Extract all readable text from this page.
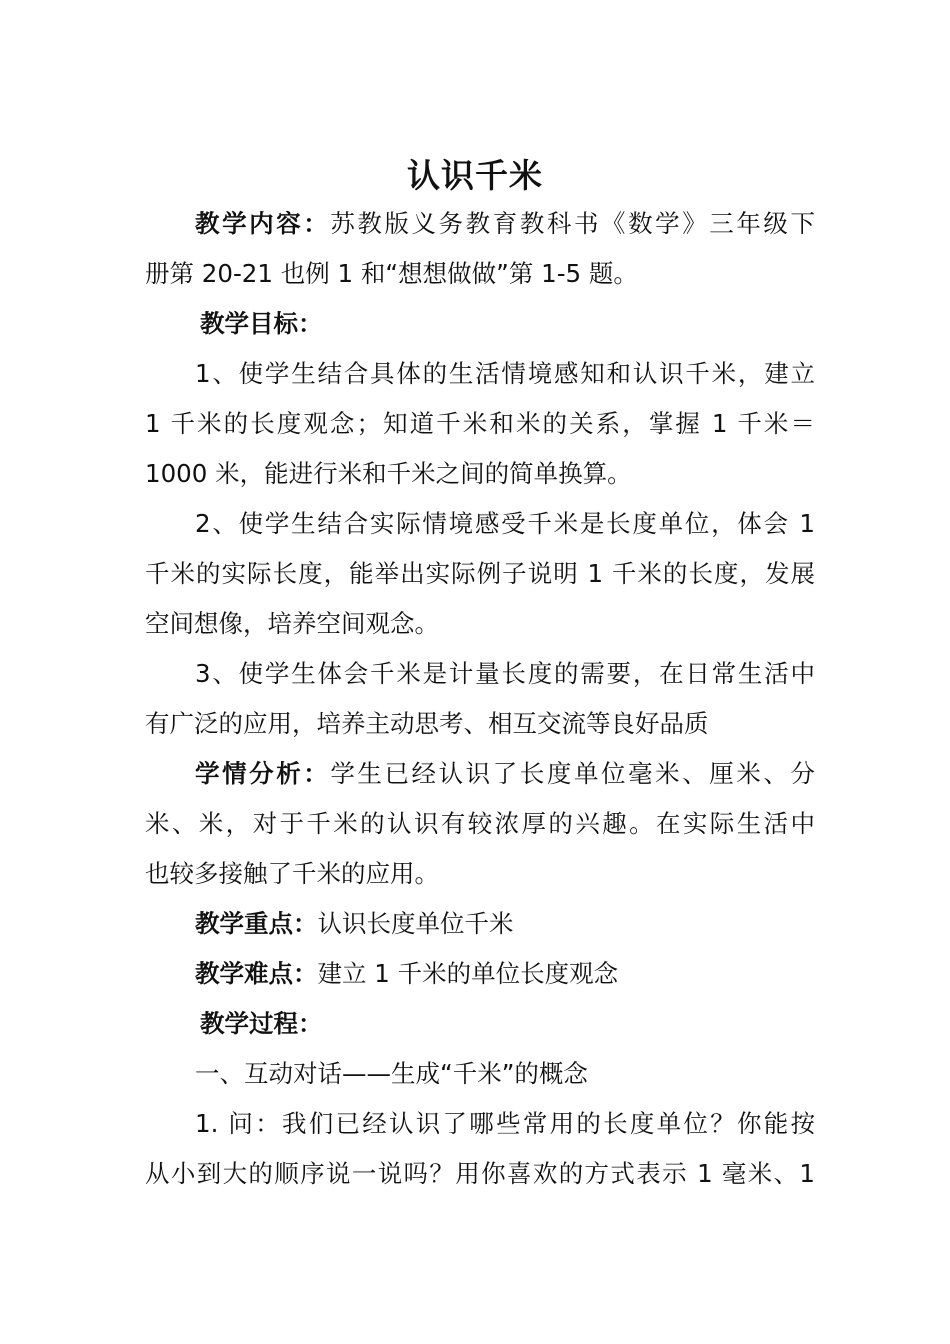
认识千米
教学内容：苏教版义务教育教科书《数学》三年级下
册第 20-21 也例 1 和“想想做做”第 1-5 题。
教学目标：
1、使学生结合具体的生活情境感知和认识千米，建立
1 千米的长度观念；知道千米和米的关系，掌握 1 千米＝
1000 米，能进行米和千米之间的简单换算。
2、使学生结合实际情境感受千米是长度单位，体会 1
千米的实际长度，能举出实际例子说明 1 千米的长度，发展
空间想像，培养空间观念。
3、使学生体会千米是计量长度的需要，在日常生活中
有广泛的应用，培养主动思考、相互交流等良好品质
学情分析：学生已经认识了长度单位毫米、厘米、分
米、米，对于千米的认识有较浓厚的兴趣。在实际生活中
也较多接触了千米的应用。
教学重点：认识长度单位千米
教学难点：建立 1 千米的单位长度观念
教学过程：
一、互动对话——生成“千米”的概念
1. 问：我们已经认识了哪些常用的长度单位？你能按
从小到大的顺序说一说吗？用你喜欢的方式表示 1 毫米、1
